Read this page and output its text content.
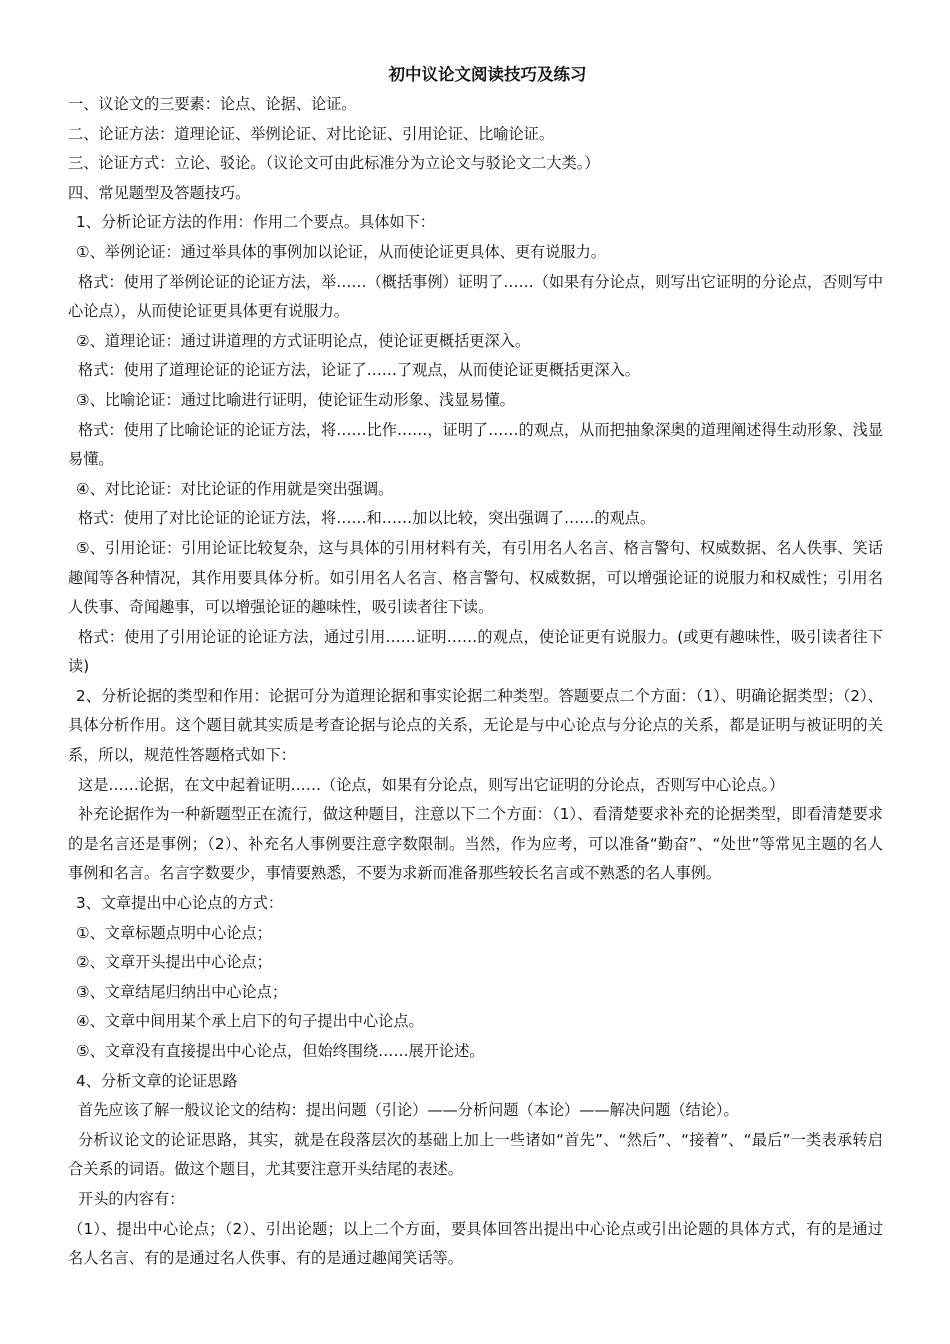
初中议论文阅读技巧及练习

一、议论文的三要素：论点、论据、论证。

二、论证方法：道理论证、举例论证、对比论证、引用论证、比喻论证。

三、论证方式：立论、驳论。（议论文可由此标准分为立论文与驳论文二大类。）

四、常见题型及答题技巧。

1、分析论证方法的作用：作用二个要点。具体如下：

①、举例论证：通过举具体的事例加以论证，从而使论证更具体、更有说服力。

格式：使用了举例论证的论证方法，举……（概括事例）证明了……（如果有分论点，则写出它证明的分论点，否则写中心论点），从而使论证更具体更有说服力。

②、道理论证：通过讲道理的方式证明论点，使论证更概括更深入。

格式：使用了道理论证的论证方法，论证了……了观点，从而使论证更概括更深入。

③、比喻论证：通过比喻进行证明，使论证生动形象、浅显易懂。

格式：使用了比喻论证的论证方法，将……比作……，证明了……的观点，从而把抽象深奥的道理阐述得生动形象、浅显易懂。

④、对比论证：对比论证的作用就是突出强调。

格式：使用了对比论证的论证方法，将……和……加以比较，突出强调了……的观点。

⑤、引用论证：引用论证比较复杂，这与具体的引用材料有关，有引用名人名言、格言警句、权威数据、名人佚事、笑话趣闻等各种情况，其作用要具体分析。如引用名人名言、格言警句、权威数据，可以增强论证的说服力和权威性；引用名人佚事、奇闻趣事，可以增强论证的趣味性，吸引读者往下读。

格式：使用了引用论证的论证方法，通过引用……证明……的观点，使论证更有说服力。(或更有趣味性，吸引读者往下读)

2、分析论据的类型和作用：论据可分为道理论据和事实论据二种类型。答题要点二个方面：（1）、明确论据类型；（2）、具体分析作用。这个题目就其实质是考查论据与论点的关系，无论是与中心论点与分论点的关系，都是证明与被证明的关系，所以，规范性答题格式如下：

这是……论据，在文中起着证明……（论点，如果有分论点，则写出它证明的分论点，否则写中心论点。）

补充论据作为一种新题型正在流行，做这种题目，注意以下二个方面：（1）、看清楚要求补充的论据类型，即看清楚要求的是名言还是事例；（2）、补充名人事例要注意字数限制。当然，作为应考，可以准备“勤奋”、“处世”等常见主题的名人事例和名言。名言字数要少，事情要熟悉，不要为求新而准备那些较长名言或不熟悉的名人事例。

3、文章提出中心论点的方式：

①、文章标题点明中心论点；

②、文章开头提出中心论点；

③、文章结尾归纳出中心论点；

④、文章中间用某个承上启下的句子提出中心论点。

⑤、文章没有直接提出中心论点，但始终围绕……展开论述。

4、分析文章的论证思路

首先应该了解一般议论文的结构：提出问题（引论）——分析问题（本论）——解决问题（结论）。

分析议论文的论证思路，其实，就是在段落层次的基础上加上一些诸如“首先”、“然后”、“接着”、“最后”一类表承转启合关系的词语。做这个题目，尤其要注意开头结尾的表述。

开头的内容有：

（1）、提出中心论点；（2）、引出论题；以上二个方面，要具体回答出提出中心论点或引出论题的具体方式，有的是通过名人名言、有的是通过名人佚事、有的是通过趣闻笑话等。
